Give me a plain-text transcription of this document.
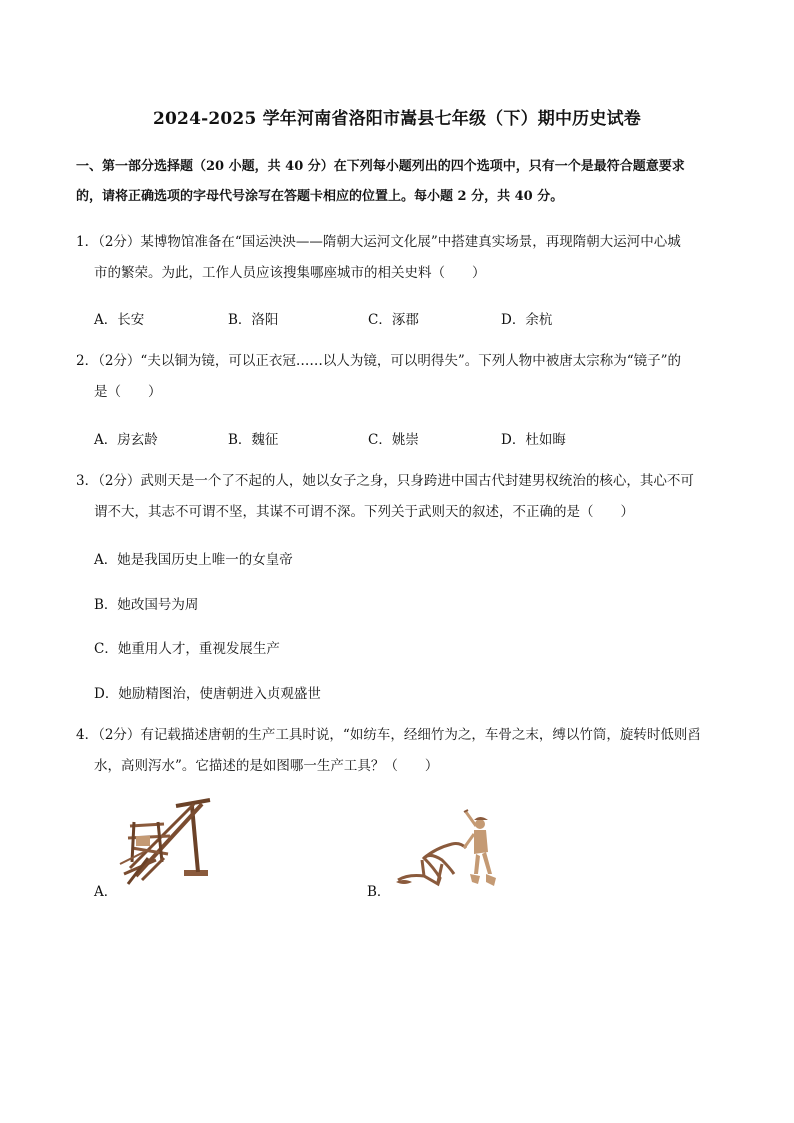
2024-2025 学年河南省洛阳市嵩县七年级（下）期中历史试卷
一、第一部分选择题（20 小题，共 40 分）在下列每小题列出的四个选项中，只有一个是最符合题意要求
的，请将正确选项的字母代号涂写在答题卡相应的位置上。每小题 2 分，共 40 分。
1．（2分）某博物馆准备在“国运泱泱——隋朝大运河文化展”中搭建真实场景，再现隋朝大运河中心城
市的繁荣。为此，工作人员应该搜集哪座城市的相关史料（　　）
A．长安	B．洛阳	C．涿郡	D．余杭
2．（2分）“夫以铜为镜，可以正衣冠……以人为镜，可以明得失”。下列人物中被唐太宗称为“镜子”的
是（　　）
A．房玄龄	B．魏征	C．姚崇	D．杜如晦
3．（2分）武则天是一个了不起的人，她以女子之身，只身跨进中国古代封建男权统治的核心，其心不可
谓不大，其志不可谓不坚，其谋不可谓不深。下列关于武则天的叙述，不正确的是（　　）
A．她是我国历史上唯一的女皇帝
B．她改国号为周
C．她重用人才，重视发展生产
D．她励精图治，使唐朝进入贞观盛世
4．（2分）有记载描述唐朝的生产工具时说，“如纺车，经细竹为之，车骨之末，缚以竹筒，旋转时低则舀
水，高则泻水”。它描述的是如图哪一生产工具？（　　）
A．	B．
